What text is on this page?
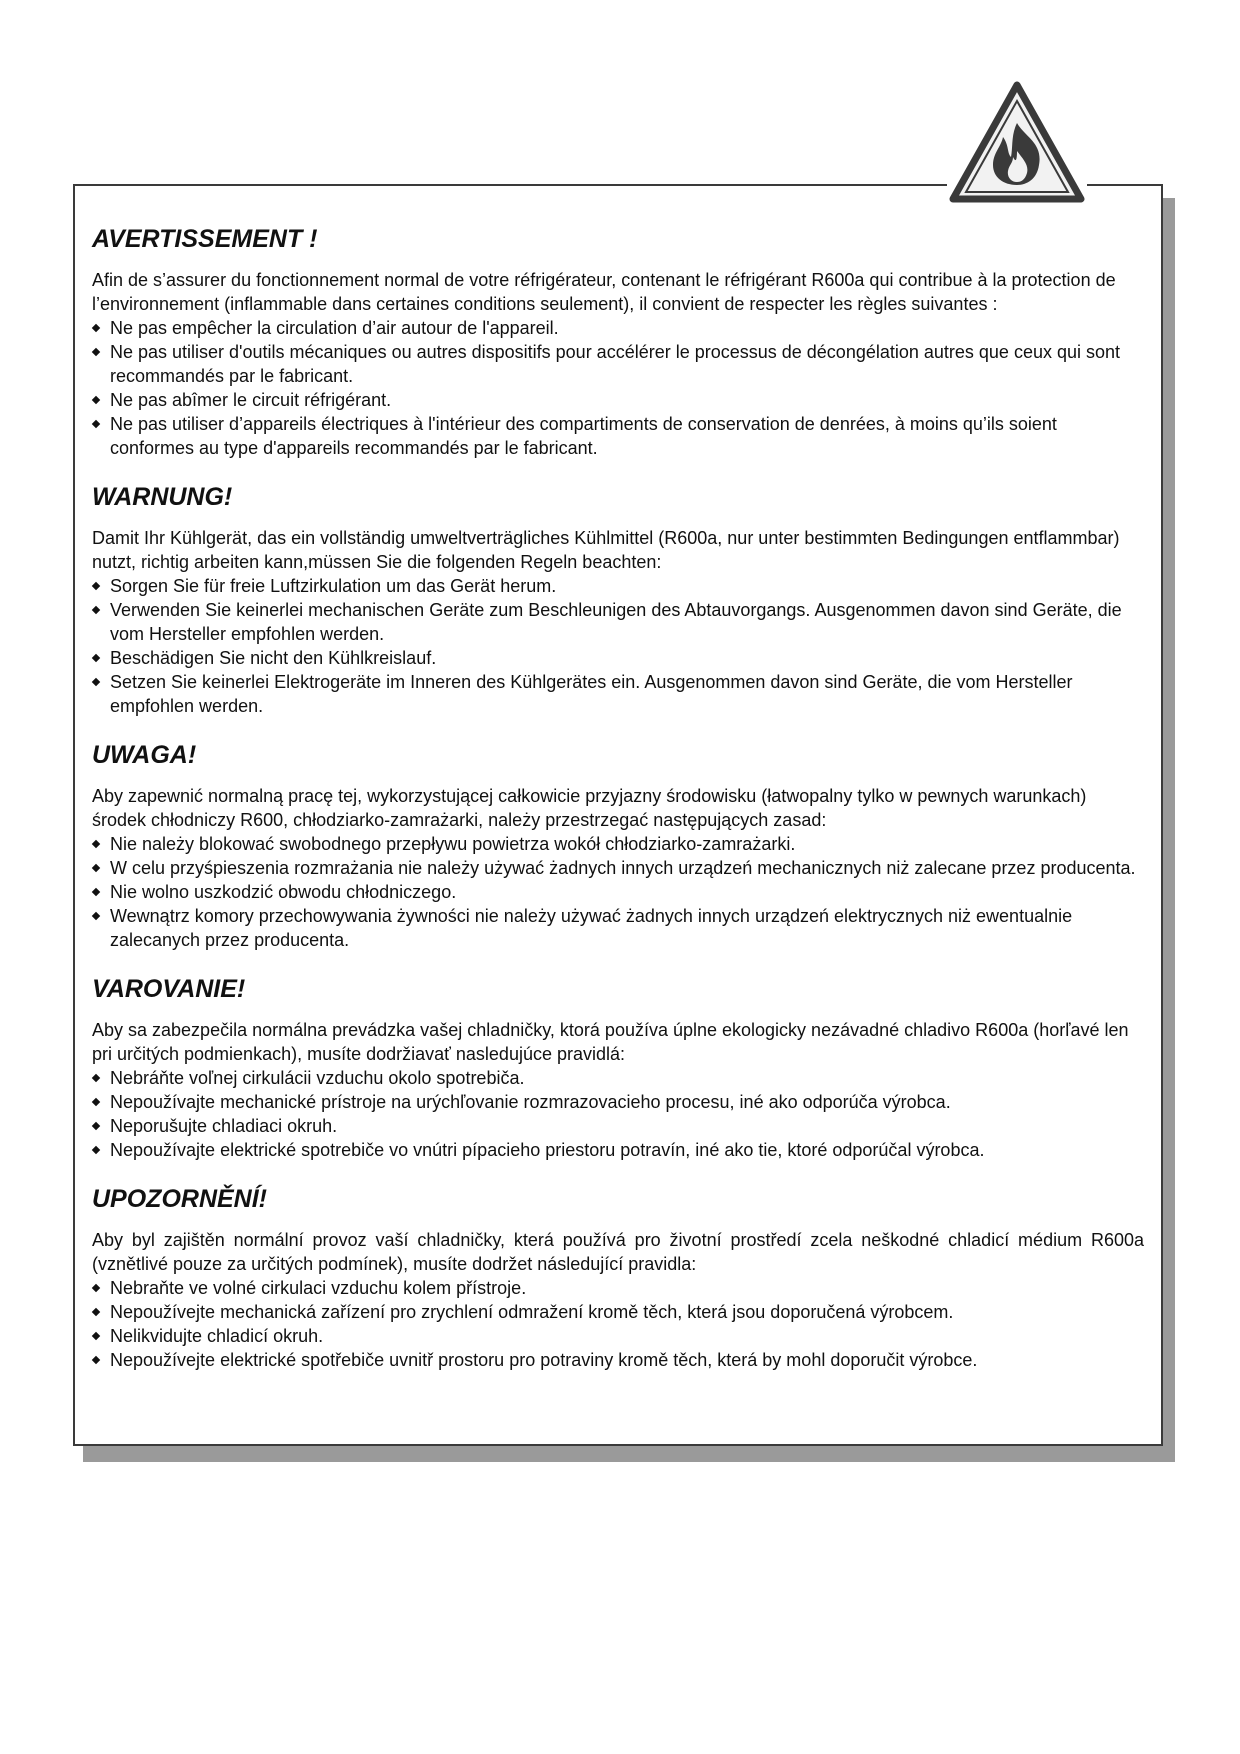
AVERTISSEMENT !

Afin de s’assurer du fonctionnement normal de votre réfrigérateur, contenant le réfrigérant R600a qui contribue à la protection de l’environnement (inflammable dans certaines conditions seulement), il convient de respecter les règles suivantes :

Ne pas empêcher la circulation d’air autour de l'appareil.
Ne pas utiliser d'outils mécaniques ou autres dispositifs pour accélérer le processus de décongélation autres que ceux qui sont recommandés par le fabricant.
Ne pas abîmer le circuit réfrigérant.
Ne pas utiliser d’appareils électriques à l'intérieur des compartiments de conservation de denrées, à moins qu’ils soient conformes au type d'appareils recommandés par le fabricant.
WARNUNG!

Damit Ihr Kühlgerät, das ein vollständig umweltverträgliches Kühlmittel (R600a, nur unter bestimmten Bedingungen entflammbar) nutzt, richtig arbeiten kann,müssen Sie die folgenden Regeln beachten:

Sorgen Sie für freie Luftzirkulation um das Gerät herum.
Verwenden Sie keinerlei mechanischen Geräte zum Beschleunigen des Abtauvorgangs. Ausgenommen davon sind Geräte, die vom Hersteller empfohlen werden.
Beschädigen Sie nicht den Kühlkreislauf.
Setzen Sie keinerlei Elektrogeräte im Inneren des Kühlgerätes ein. Ausgenommen davon sind Geräte, die vom Hersteller empfohlen werden.
UWAGA!

Aby zapewnić normalną pracę tej, wykorzystującej całkowicie przyjazny środowisku (łatwopalny tylko w pewnych warunkach) środek chłodniczy R600, chłodziarko-zamrażarki, należy przestrzegać następujących zasad:

Nie należy blokować swobodnego przepływu powietrza wokół chłodziarko-zamrażarki.
W celu przyśpieszenia rozmrażania nie należy używać żadnych innych urządzeń mechanicznych niż zalecane przez producenta.
Nie wolno uszkodzić obwodu chłodniczego.
Wewnątrz komory przechowywania żywności nie należy używać żadnych innych urządzeń elektrycznych niż ewentualnie zalecanych przez producenta.
VAROVANIE!

Aby sa zabezpečila normálna prevádzka vašej chladničky, ktorá používa úplne ekologicky nezávadné chladivo R600a (horľavé len pri určitých podmienkach), musíte dodržiavať nasledujúce pravidlá:

Nebráňte voľnej cirkulácii vzduchu okolo spotrebiča.
Nepoužívajte mechanické prístroje na urýchľovanie rozmrazovacieho procesu, iné ako odporúča výrobca.
Neporušujte chladiaci okruh.
Nepoužívajte elektrické spotrebiče vo vnútri pípacieho priestoru potravín, iné ako tie, ktoré odporúčal výrobca.
UPOZORNĚNÍ!

Aby byl zajištěn normální provoz vaší chladničky, která používá pro životní prostředí zcela neškodné chladicí médium R600a (vznětlivé pouze za určitých podmínek), musíte dodržet následující pravidla:

Nebraňte ve volné cirkulaci vzduchu kolem přístroje.
Nepoužívejte mechanická zařízení pro zrychlení odmražení kromě těch, která jsou doporučená výrobcem.
Nelikvidujte chladicí okruh.
Nepoužívejte elektrické spotřebiče uvnitř prostoru pro potraviny kromě těch, která by mohl doporučit výrobce.
